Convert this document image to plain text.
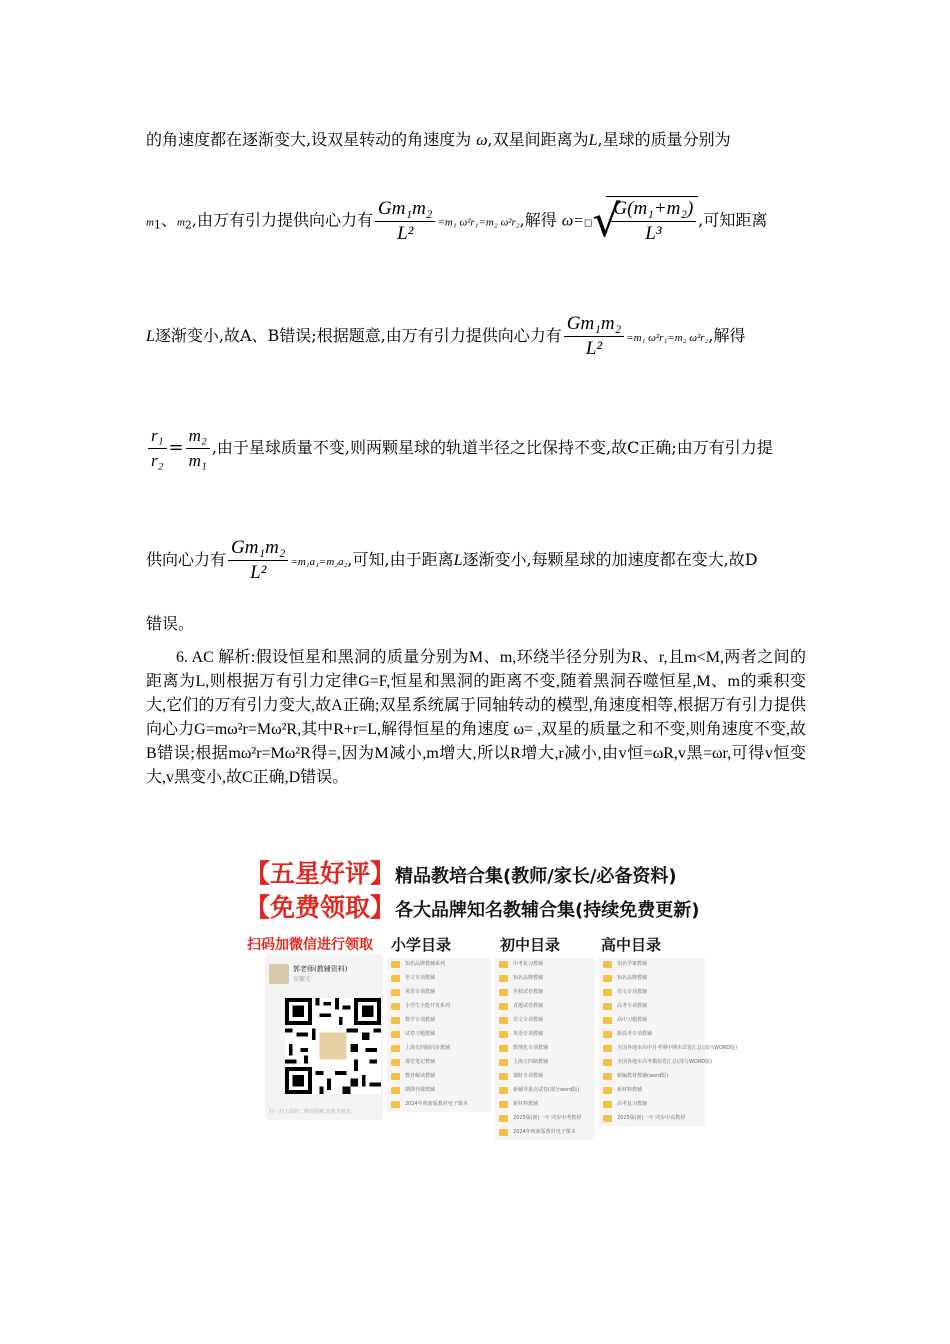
的角速度都在逐渐变大,设双星转动的角速度为 ω,双星间距离为L,星球的质量分别为
$m_1$、$m_2$,由万有引力提供向心力有 $\frac{\text{Gm₁m₂}}{\text{L²}} =m_1$ ω²r₁=m₂ ω²r₂,解得 ω=□ √
$\frac{\text{G(m₁+m₂)}}{\text{L³}}$ ,可知距离
L逐渐变小,故A、B错误;根据题意,由万有引力提供向心力有 $\frac{\text{Gm₁m₂}}{\text{L²}} =m_1$ ω²r₁=m₂ ω²r₂,解得
$\frac{\text{r₁}}{\text{r₂}} = \frac{\text{m₂}}{\text{m₁}}$ ,由于星球质量不变,则两颗星球的轨道半径之比保持不变,故C正确;由万有引力提
供向心力有 $\frac{\text{Gm₁m₂}}{\text{L²}} =m_1a_1=m_2a_2$,可知,由于距离L逐渐变小,每颗星球的加速度都在变大,故D
错误。
6. AC 解析:假设恒星和黑洞的质量分别为M、m,环绕半径分别为R、r,且m<M,两者之间的距离为L,则根据万有引力定律G=F,恒星和黑洞的距离不变,随着黑洞吞噬恒星,M、m的乘积变大,它们的万有引力变大,故A正确;双星系统属于同轴转动的模型,角速度相等,根据万有引力提供向心力G=mω²r=Mω²R,其中R+r=L,解得恒星的角速度 ω= ,双星的质量之和不变,则角速度不变,故B错误;根据mω²r=Mω²R得=,因为M减小,m增大,所以R增大,r减小,由v恒=ωR,v黑=ωr,可得v恒变大,v黑变小,故C正确,D错误。
【五星好评】精品教培合集(教师/家长/必备资料)
【免费领取】各大品牌知名教辅合集(持续免费更新)
扫码加微信进行领取 小学目录	初中目录	高中目录
郭老师(教辅资料)
安徽芜
扫一扫上面的二维码图案,加我为朋友。
知名品牌教辅系列
语文专项教辅
英语专项教辅
小学生全能开发系列
数学专项教辅
试卷习题教辅
上海五四制同步教辅
课堂笔记教辅
教材解读教辅
期期刊课教辅
2024年秋新版教材电子课本
中考复习教辅
知名品牌教辅
名校试卷教辅
真题试卷教辅
语文专项教辅
英语专项教辅
数理化专项教辅
上海五四制教辅
课时专项教辅
新辅导重点试卷(部分word版)
新材料教辅
2025版(新)一中 同步中考教材
2024年秋新版教材电子课本
知名学案教辅
知名品牌教辅
语文专项教辅
高考专项教辅
高中习题教辅
新高考专项教辅
全国各地市高中月考期中期末试卷汇总(部分WORD版)
全国各地市高考模拟卷汇总(部分WORD版)
新编教材教辅(word版)
新材料教辅
高考复习教辅
2025版(新)一中 同步中高教材
